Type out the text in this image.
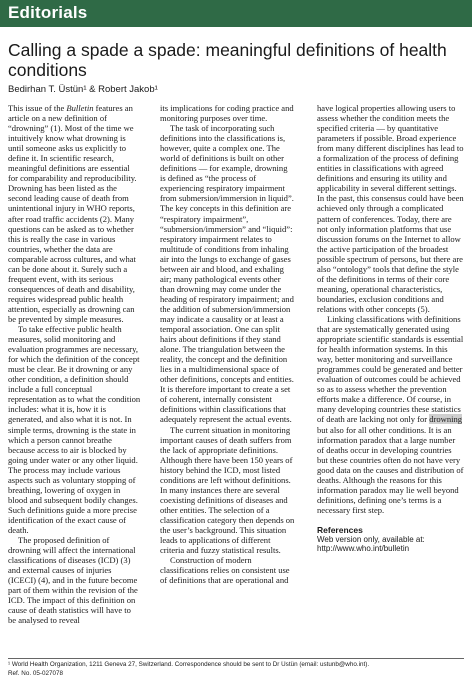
Editorials
Calling a spade a spade: meaningful definitions of health conditions
Bedirhan T. Üstün¹ & Robert Jakob¹

This issue of the Bulletin features an article on a new definition of “drowning” (1). Most of the time we intuitively know what drowning is until someone asks us explicitly to define it. In scientific research, meaningful definitions are essential for comparability and reproducibility. Drowning has been listed as the second leading cause of death from unintentional injury in WHO reports, after road traffic accidents (2). Many questions can be asked as to whether this is really the case in various countries, whether the data are comparable across cultures, and what can be done about it. Surely such a frequent event, with its serious consequences of death and disability, requires widespread public health attention, especially as drowning can be prevented by simple measures.

To take effective public health measures, solid monitoring and evaluation programmes are necessary, for which the definition of the concept must be clear. Be it drowning or any other condition, a definition should include a full conceptual representation as to what the condition includes: what it is, how it is generated, and also what it is not. In simple terms, drowning is the state in which a person cannot breathe because access to air is blocked by going under water or any other liquid. The process may include various aspects such as voluntary stopping of breathing, lowering of oxygen in blood and subsequent bodily changes. Such definitions guide a more precise identification of the exact cause of death.

The proposed definition of drowning will affect the international classifications of diseases (ICD) (3) and external causes of injuries (ICECI) (4), and in the future become part of them within the revision of the ICD. The impact of this definition on cause of death statistics will have to be analysed to reveal

its implications for coding practice and monitoring purposes over time.

The task of incorporating such definitions into the classifications is, however, quite a complex one. The world of definitions is built on other definitions — for example, drowning is defined as “the process of experiencing respiratory impairment from submersion/immersion in liquid”. The key concepts in this definition are “respiratory impairment”, “submersion/immersion” and “liquid”: respiratory impairment relates to multitude of conditions from inhaling air into the lungs to exchange of gases between air and blood, and exhaling air; many pathological events other than drowning may come under the heading of respiratory impairment; and the addition of submersion/immersion may indicate a causality or at least a temporal association. One can split hairs about definitions if they stand alone. The triangulation between the reality, the concept and the definition lies in a multidimensional space of other definitions, concepts and entities. It is therefore important to create a set of coherent, internally consistent definitions within classifications that adequately represent the actual events.

The current situation in monitoring important causes of death suffers from the lack of appropriate definitions. Although there have been 150 years of history behind the ICD, most listed conditions are left without definitions. In many instances there are several coexisting definitions of diseases and other entities. The selection of a classification category then depends on the user’s background. This situation leads to applications of different criteria and fuzzy statistical results.

Construction of modern classifications relies on consistent use of definitions that are operational and

have logical properties allowing users to assess whether the condition meets the specified criteria — by quantitative parameters if possible. Broad experience from many different disciplines has lead to a formalization of the process of defining entities in classifications with agreed definitions and ensuring its utility and applicability in several different settings. In the past, this consensus could have been achieved only through a complicated pattern of conferences. Today, there are not only information platforms that use discussion forums on the Internet to allow the active participation of the broadest possible spectrum of persons, but there are also “ontology” tools that define the style of the definitions in terms of their core meaning, operational characteristics, boundaries, exclusion conditions and relations with other concepts (5).

Linking classifications with definitions that are systematically generated using appropriate scientific standards is essential for health information systems. In this way, better monitoring and surveillance programmes could be generated and better evaluation of outcomes could be achieved so as to assess whether the prevention efforts make a difference. Of course, in many developing countries these statistics of death are lacking not only for drowning but also for all other conditions. It is an information paradox that a large number of deaths occur in developing countries but these countries often do not have very good data on the causes and distribution of deaths. Although the reasons for this information paradox may lie well beyond definitions, defining one’s terms is a necessary first step.

References
Web version only, available at: http://www.who.int/bulletin
¹ World Health Organization, 1211 Geneva 27, Switzerland. Correspondence should be sent to Dr Üstün (email: ustunb@who.int).
Ref. No. 05-027078
